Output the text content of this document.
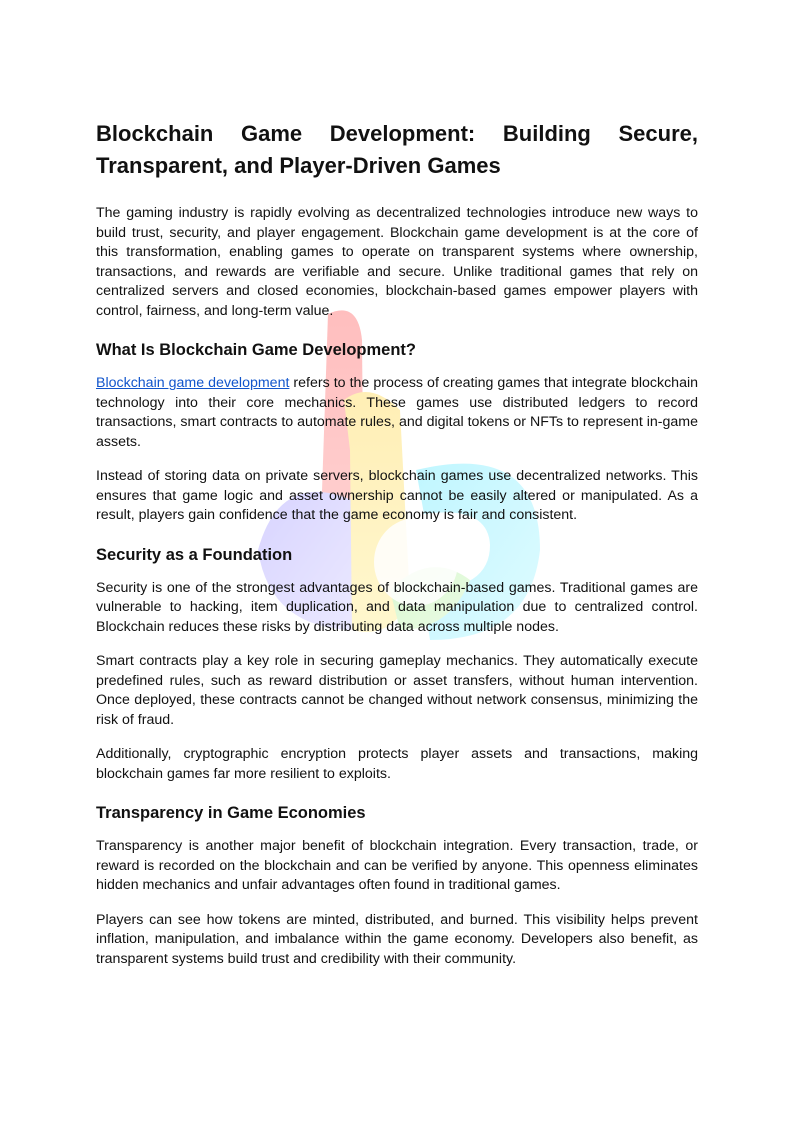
Blockchain Game Development: Building Secure, Transparent, and Player-Driven Games

The gaming industry is rapidly evolving as decentralized technologies introduce new ways to build trust, security, and player engagement. Blockchain game development is at the core of this transformation, enabling games to operate on transparent systems where ownership, transactions, and rewards are verifiable and secure. Unlike traditional games that rely on centralized servers and closed economies, blockchain-based games empower players with control, fairness, and long-term value.

What Is Blockchain Game Development?

Blockchain game development refers to the process of creating games that integrate blockchain technology into their core mechanics. These games use distributed ledgers to record transactions, smart contracts to automate rules, and digital tokens or NFTs to represent in-game assets.

Instead of storing data on private servers, blockchain games use decentralized networks. This ensures that game logic and asset ownership cannot be easily altered or manipulated. As a result, players gain confidence that the game economy is fair and consistent.

Security as a Foundation

Security is one of the strongest advantages of blockchain-based games. Traditional games are vulnerable to hacking, item duplication, and data manipulation due to centralized control. Blockchain reduces these risks by distributing data across multiple nodes.

Smart contracts play a key role in securing gameplay mechanics. They automatically execute predefined rules, such as reward distribution or asset transfers, without human intervention. Once deployed, these contracts cannot be changed without network consensus, minimizing the risk of fraud.

Additionally, cryptographic encryption protects player assets and transactions, making blockchain games far more resilient to exploits.

Transparency in Game Economies

Transparency is another major benefit of blockchain integration. Every transaction, trade, or reward is recorded on the blockchain and can be verified by anyone. This openness eliminates hidden mechanics and unfair advantages often found in traditional games.

Players can see how tokens are minted, distributed, and burned. This visibility helps prevent inflation, manipulation, and imbalance within the game economy. Developers also benefit, as transparent systems build trust and credibility with their community.
